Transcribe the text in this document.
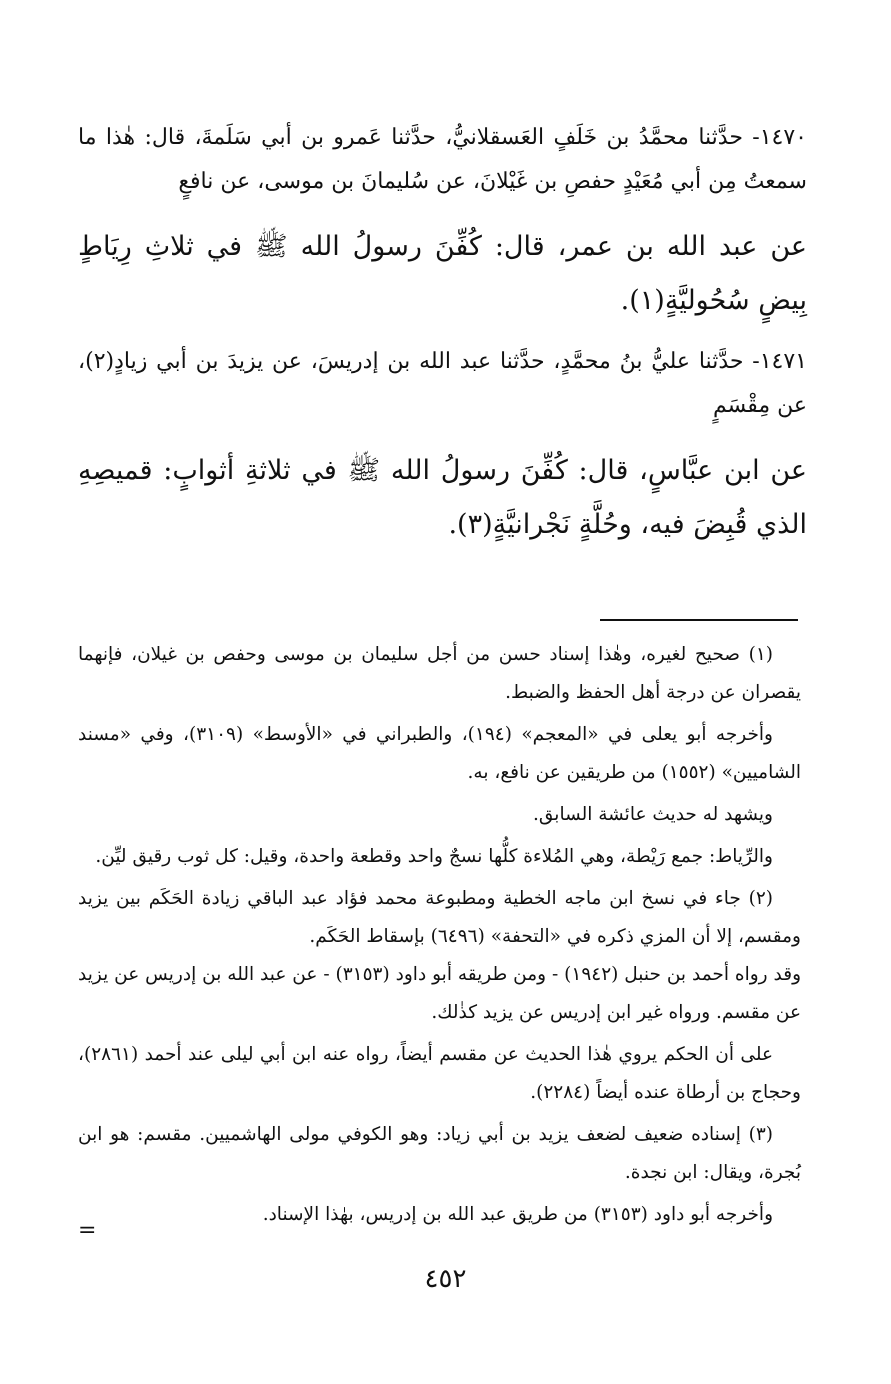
١٤٧٠- حدَّثنا محمَّدُ بن خَلَفٍ العَسقلانيُّ، حدَّثنا عَمرو بن أبي سَلَمةَ، قال: هٰذا ما سمعتُ مِن أبي مُعَيْدٍ حفصِ بن غَيْلانَ، عن سُليمانَ بن موسى، عن نافعٍ

عن عبد الله بن عمر، قال: كُفِّنَ رسولُ الله ﷺ في ثلاثِ رِيَاطٍ بِيضٍ سُحُوليَّةٍ(١).

١٤٧١- حدَّثنا عليُّ بنُ محمَّدٍ، حدَّثنا عبد الله بن إدريسَ، عن يزيدَ بن أبي زيادٍ(٢)، عن مِقْسَمٍ

عن ابن عبَّاسٍ، قال: كُفِّنَ رسولُ الله ﷺ في ثلاثةِ أثوابٍ: قميصِهِ الذي قُبِضَ فيه، وحُلَّةٍ نَجْرانيَّةٍ(٣).

(١) صحيح لغيره، وهٰذا إسناد حسن من أجل سليمان بن موسى وحفص بن غيلان، فإنهما يقصران عن درجة أهل الحفظ والضبط.

وأخرجه أبو يعلى في «المعجم» (١٩٤)، والطبراني في «الأوسط» (٣١٠٩)، وفي «مسند الشاميين» (١٥٥٢) من طريقين عن نافع، به.

ويشهد له حديث عائشة السابق.

والرِّياط: جمع رَيْطة، وهي المُلاءة كلُّها نسجٌ واحد وقطعة واحدة، وقيل: كل ثوب رقيق ليِّن.

(٢) جاء في نسخ ابن ماجه الخطية ومطبوعة محمد فؤاد عبد الباقي زيادة الحَكَم بين يزيد ومقسم، إلا أن المزي ذكره في «التحفة» (٦٤٩٦) بإسقاط الحَكَم.

وقد رواه أحمد بن حنبل (١٩٤٢) - ومن طريقه أبو داود (٣١٥٣) - عن عبد الله بن إدريس عن يزيد عن مقسم. ورواه غير ابن إدريس عن يزيد كذٰلك.

على أن الحكم يروي هٰذا الحديث عن مقسم أيضاً، رواه عنه ابن أبي ليلى عند أحمد (٢٨٦١)، وحجاج بن أرطاة عنده أيضاً (٢٢٨٤).

(٣) إسناده ضعيف لضعف يزيد بن أبي زياد: وهو الكوفي مولى الهاشميين. مقسم: هو ابن بُجرة، ويقال: ابن نجدة.

وأخرجه أبو داود (٣١٥٣) من طريق عبد الله بن إدريس، بهٰذا الإسناد.

=
٤٥٢
